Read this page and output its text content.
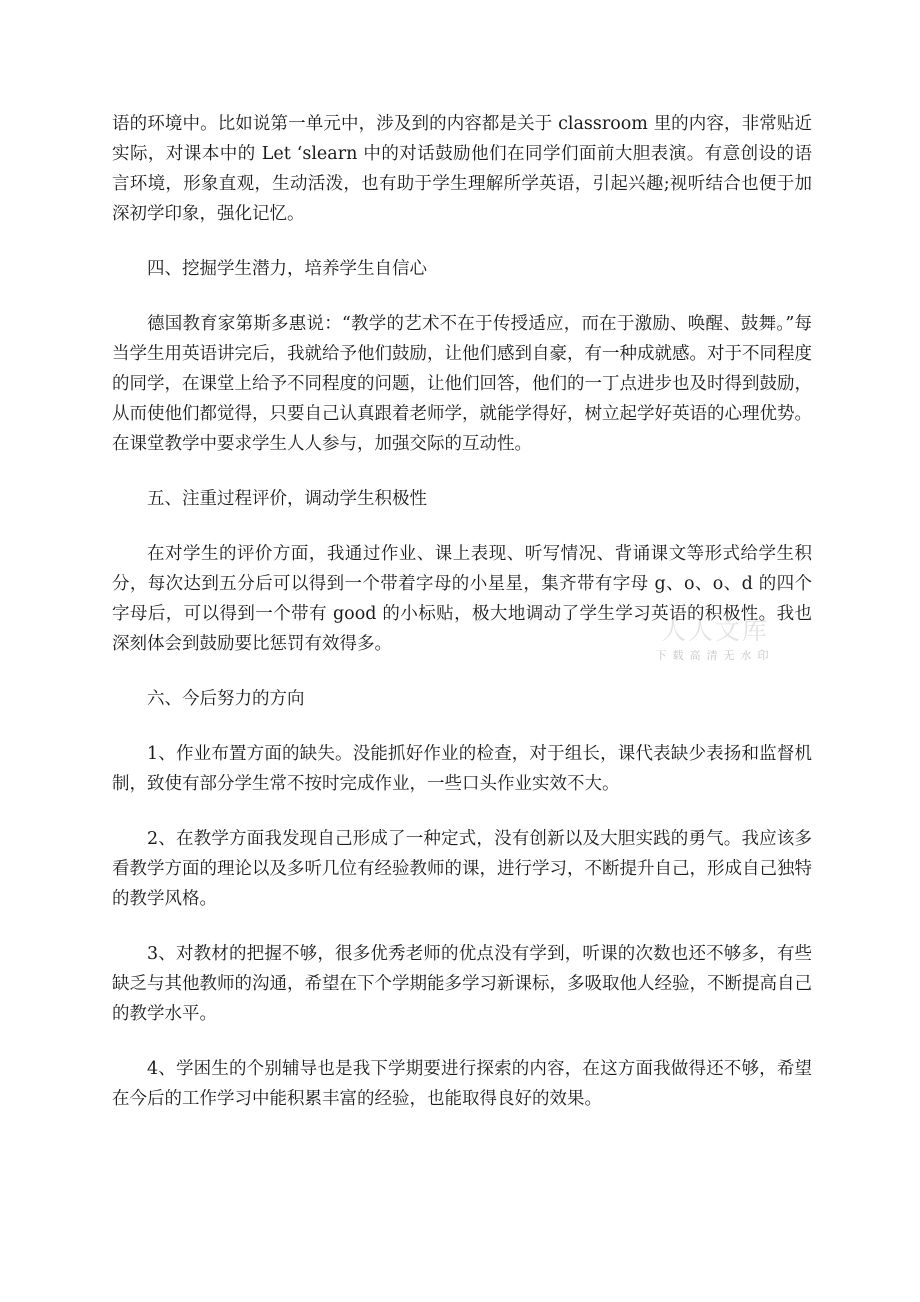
语的环境中。比如说第一单元中，涉及到的内容都是关于 classroom 里的内容，非常贴近实际，对课本中的 Let ‘slearn 中的对话鼓励他们在同学们面前大胆表演。有意创设的语言环境，形象直观，生动活泼，也有助于学生理解所学英语，引起兴趣;视听结合也便于加深初学印象，强化记忆。

四、挖掘学生潜力，培养学生自信心

德国教育家第斯多惠说：“教学的艺术不在于传授适应，而在于激励、唤醒、鼓舞。”每当学生用英语讲完后，我就给予他们鼓励，让他们感到自豪，有一种成就感。对于不同程度的同学，在课堂上给予不同程度的问题，让他们回答，他们的一丁点进步也及时得到鼓励，从而使他们都觉得，只要自己认真跟着老师学，就能学得好，树立起学好英语的心理优势。在课堂教学中要求学生人人参与，加强交际的互动性。

五、注重过程评价，调动学生积极性

在对学生的评价方面，我通过作业、课上表现、听写情况、背诵课文等形式给学生积分，每次达到五分后可以得到一个带着字母的小星星，集齐带有字母 g、o、o、d 的四个字母后，可以得到一个带有 good 的小标贴，极大地调动了学生学习英语的积极性。我也深刻体会到鼓励要比惩罚有效得多。

六、今后努力的方向

1、作业布置方面的缺失。没能抓好作业的检查，对于组长，课代表缺少表扬和监督机制，致使有部分学生常不按时完成作业，一些口头作业实效不大。

2、在教学方面我发现自己形成了一种定式，没有创新以及大胆实践的勇气。我应该多看教学方面的理论以及多听几位有经验教师的课，进行学习，不断提升自己，形成自己独特的教学风格。

3、对教材的把握不够，很多优秀老师的优点没有学到，听课的次数也还不够多，有些缺乏与其他教师的沟通，希望在下个学期能多学习新课标，多吸取他人经验，不断提高自己的教学水平。

4、学困生的个别辅导也是我下学期要进行探索的内容，在这方面我做得还不够，希望在今后的工作学习中能积累丰富的经验，也能取得良好的效果。

人人文库
下载高清无水印
